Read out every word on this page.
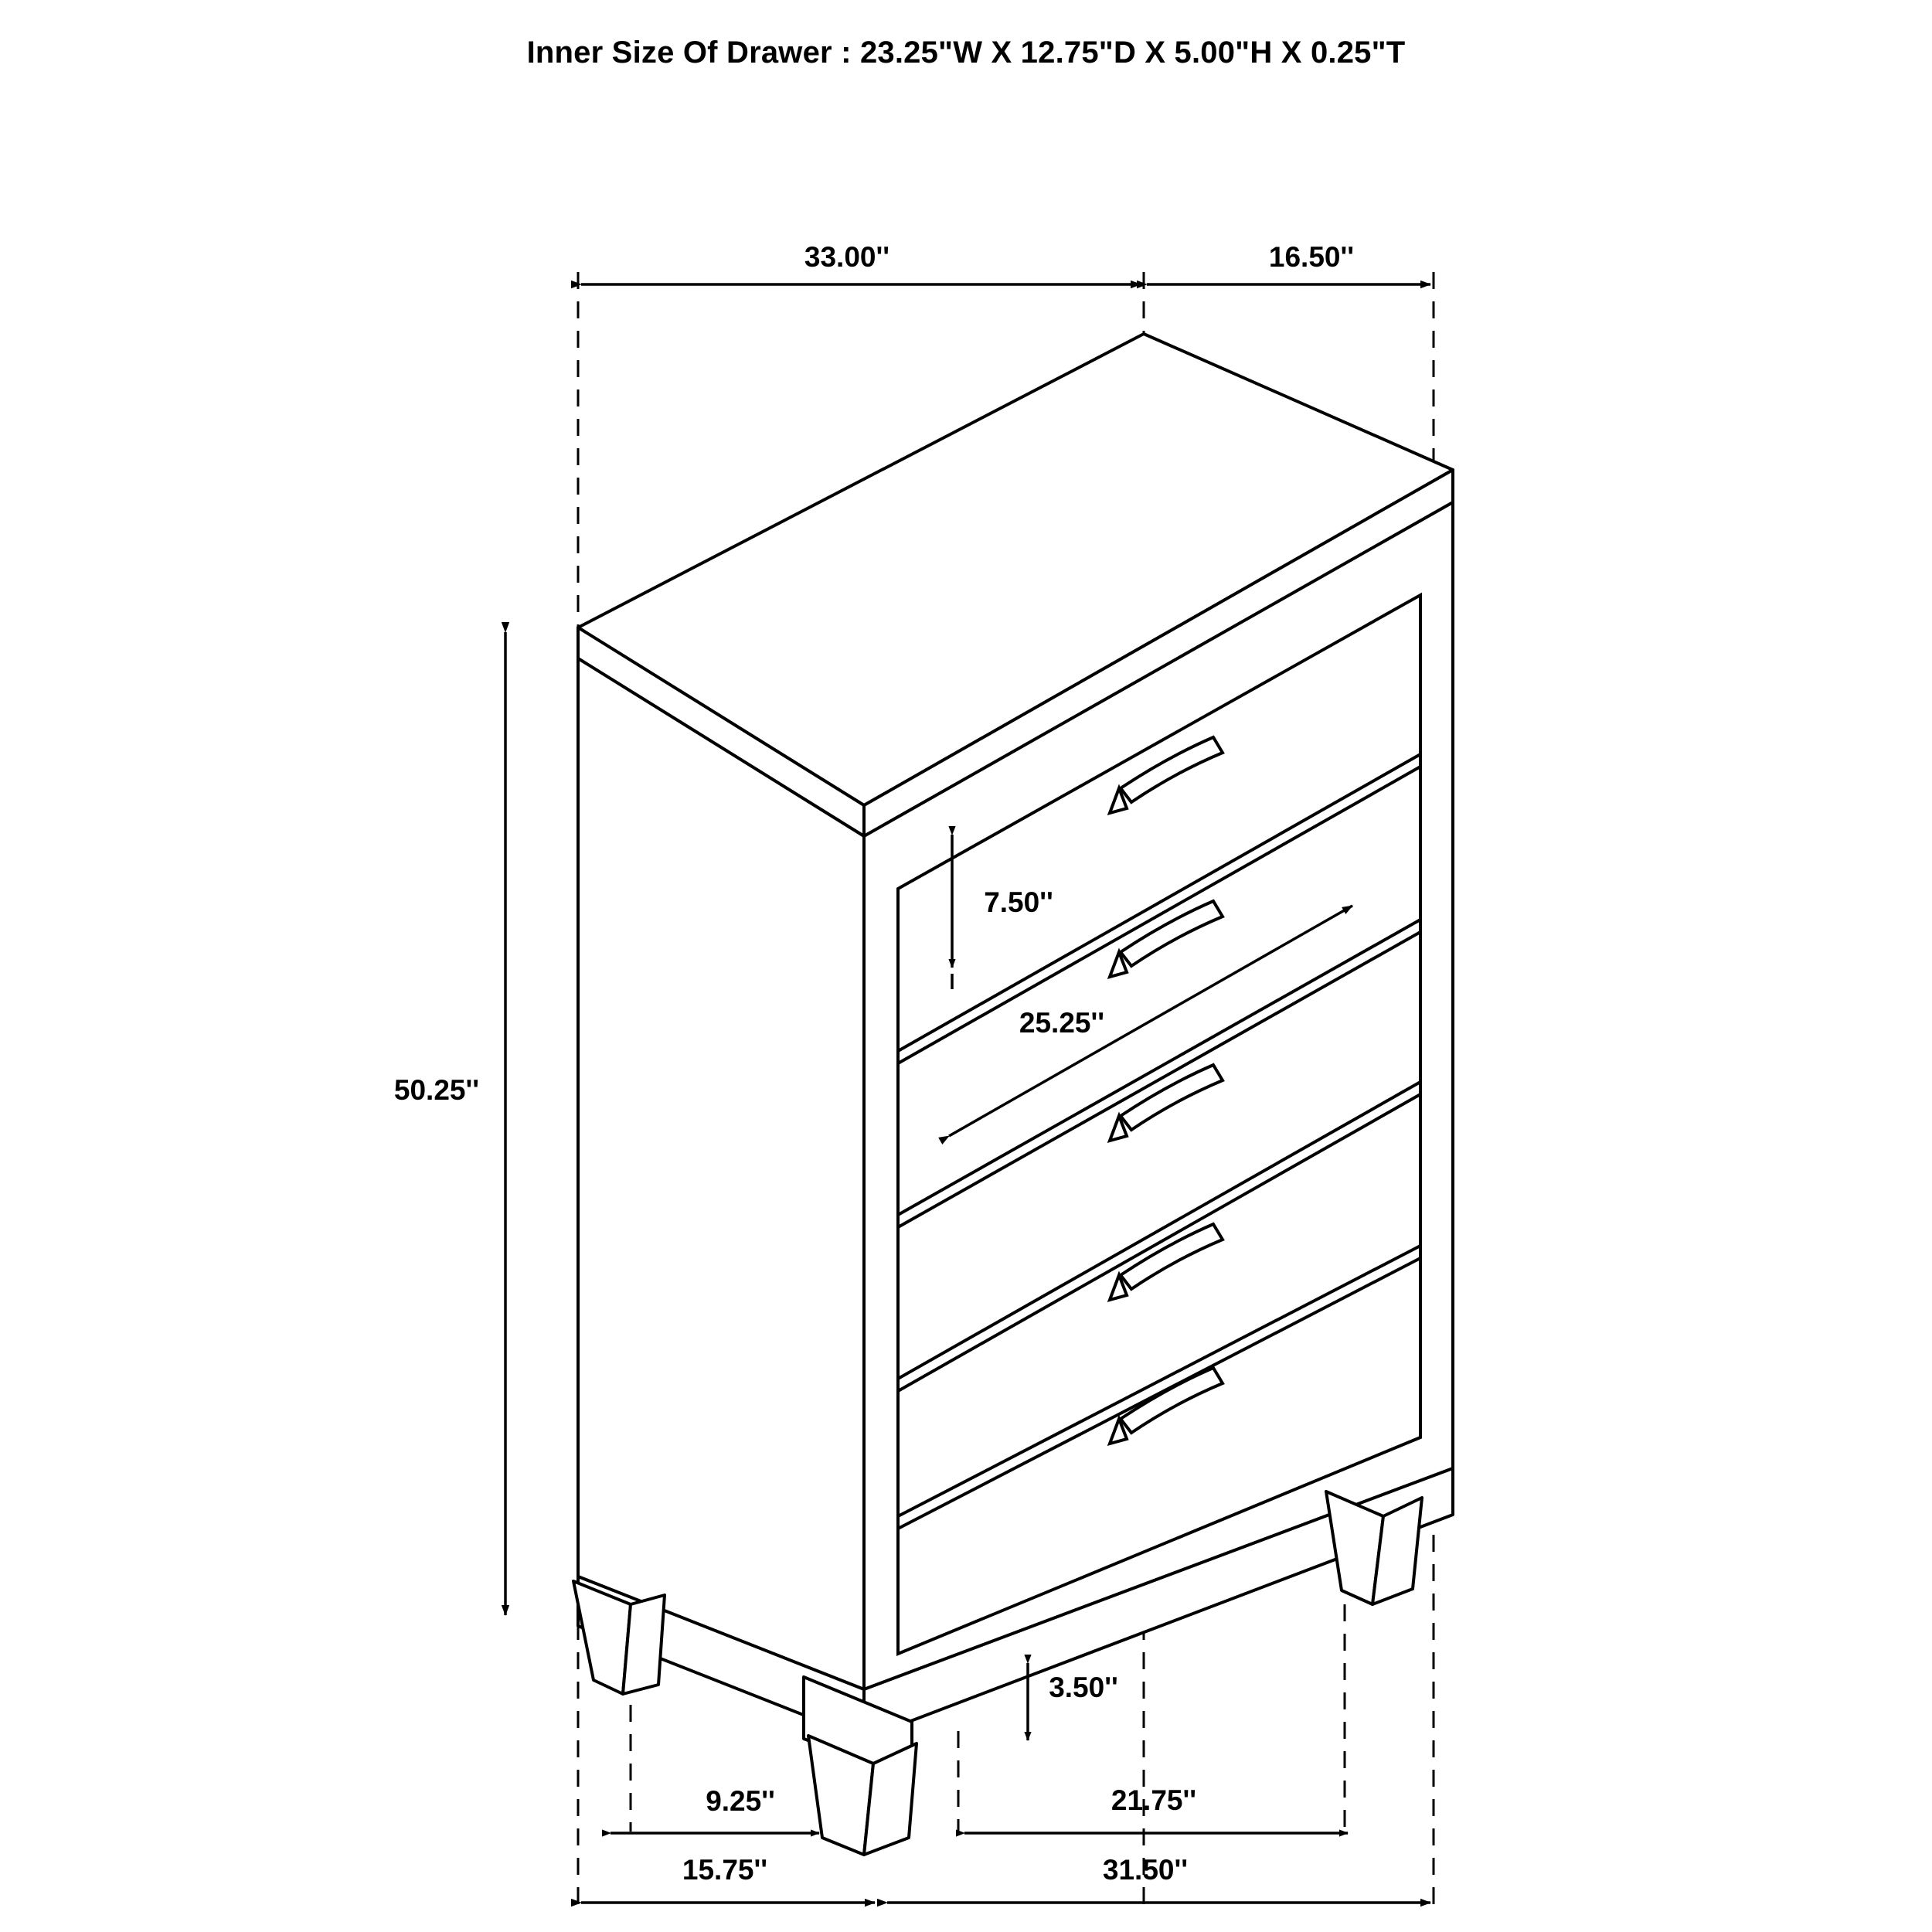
Inner Size Of Drawer : 23.25"W X 12.75"D X 5.00"H X 0.25"T
33.00''	16.50''
50.25''
7.50''
25.25''
3.50''
9.25''	21.75''
15.75''	31.50''
